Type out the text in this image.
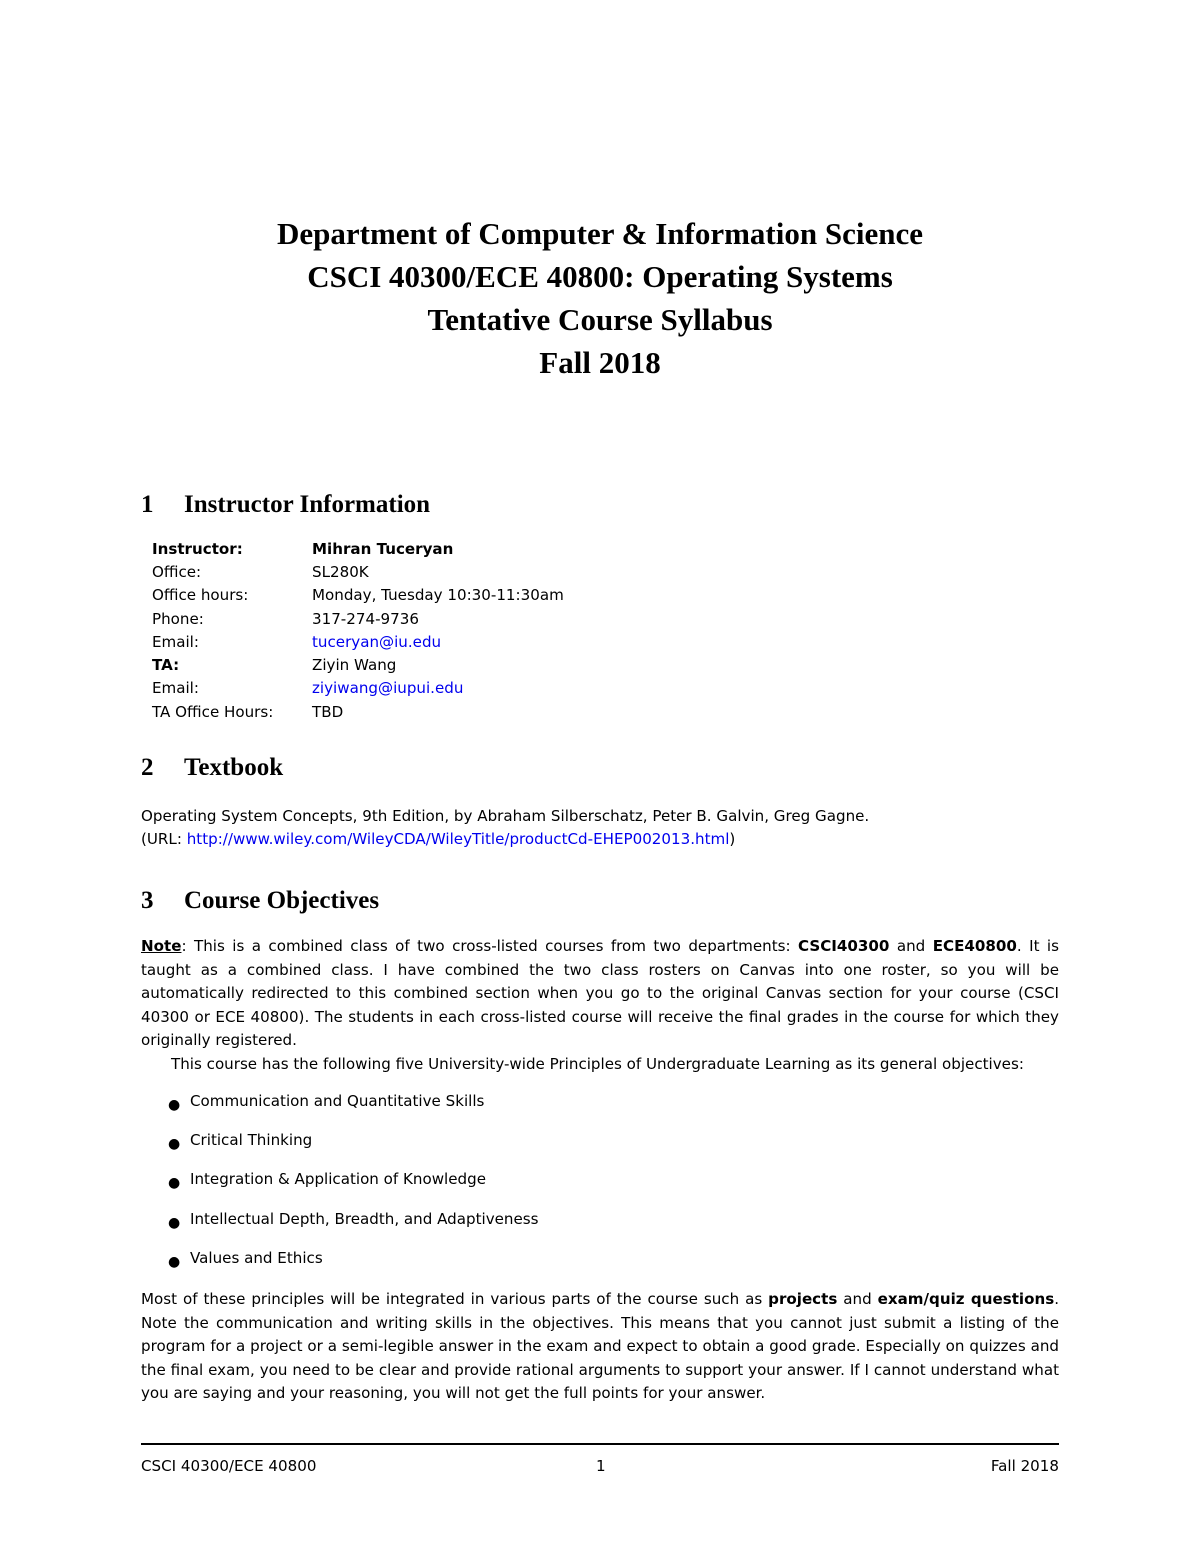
Department of Computer & Information Science
CSCI 40300/ECE 40800: Operating Systems
Tentative Course Syllabus
Fall 2018
1 Instructor Information
Instructor:	Mihran Tuceryan
Office:	SL280K
Office hours:	Monday, Tuesday 10:30-11:30am
Phone:	317-274-9736
Email:	tuceryan@iu.edu
TA:	Ziyin Wang
Email:	ziyiwang@iupui.edu
TA Office Hours:	TBD
2 Textbook
Operating System Concepts, 9th Edition, by Abraham Silberschatz, Peter B. Galvin, Greg Gagne.
(URL: http://www.wiley.com/WileyCDA/WileyTitle/productCd-EHEP002013.html)
3 Course Objectives
Note: This is a combined class of two cross-listed courses from two departments: CSCI40300 and ECE40800. It is taught as a combined class. I have combined the two class rosters on Canvas into one roster, so you will be automatically redirected to this combined section when you go to the original Canvas section for your course (CSCI 40300 or ECE 40800). The students in each cross-listed course will receive the final grades in the course for which they originally registered.
This course has the following five University-wide Principles of Undergraduate Learning as its general objectives:
● Communication and Quantitative Skills
● Critical Thinking
● Integration & Application of Knowledge
● Intellectual Depth, Breadth, and Adaptiveness
● Values and Ethics
Most of these principles will be integrated in various parts of the course such as projects and exam/quiz questions. Note the communication and writing skills in the objectives. This means that you cannot just submit a listing of the program for a project or a semi-legible answer in the exam and expect to obtain a good grade. Especially on quizzes and the final exam, you need to be clear and provide rational arguments to support your answer. If I cannot understand what you are saying and your reasoning, you will not get the full points for your answer.
CSCI 40300/ECE 40800	1	Fall 2018
